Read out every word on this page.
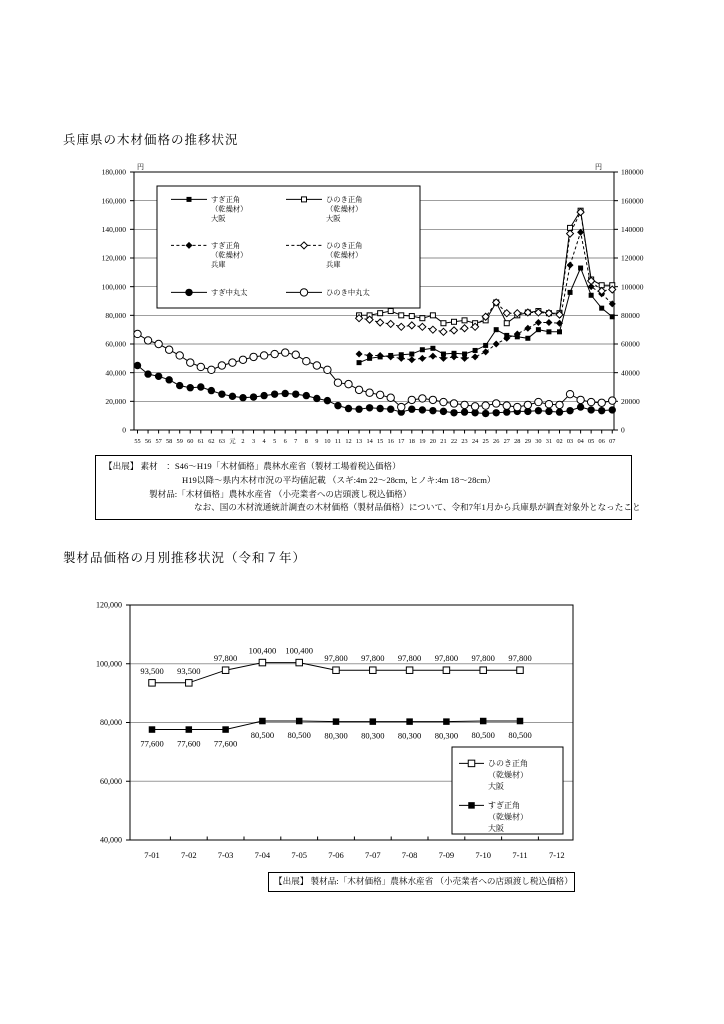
0	0
20,000	20000
40,000	40000
60,000	60000
80,000	80000
100,000	100000
120,000	120000
140,000	140000
160,000	160000
180,000	180000
円	円
55 56 57 58 59 60 61 62 63 元 2 3 4 5 6 7 8 9 10 11 12 13 14 15 16 17 18 19 20 21 22 23 24 25 26 27 28 29 30 31 02 03 04 05 06 07
すぎ正角
（乾燥材）
大阪
ひのき正角
（乾燥材）
大阪
すぎ正角
（乾燥材）
兵庫
ひのき正角
（乾燥材）
兵庫
すぎ中丸太	ひのき中丸太
40,000
60,000
80,000
100,000
120,000
7-01 7-02 7-03 7-04 7-05 7-06 7-07 7-08 7-09 7-10	7-11	7-12
93,500 93,500
97,800
100,400 100,400
97,800 97,800 97,800 97,800 97,800 97,800
77,600 77,600 77,600
80,500 80,500 80,300 80,300 80,300 80,300 80,500 80,500
ひのき正角
（乾燥材）
大阪
すぎ正角
（乾燥材）
大阪
兵庫県の木材価格の推移状況
製材品価格の月別推移状況（令和７年）
【出展】 素材　：S46～H19「木材価格」農林水産省（製材工場着税込価格）
H19以降～県内木材市況の平均値記載 （スギ:4m 22～28cm, ヒノキ:4m 18～28cm）
製材品:「木材価格」農林水産省 （小売業者への店頭渡し税込価格）
なお、国の木材流通統計調査の木材価格（製材品価格）について、令和7年1月から兵庫県が調査対象外となったこと
【出展】 製材品:「木材価格」農林水産省 （小売業者への店頭渡し税込価格）
